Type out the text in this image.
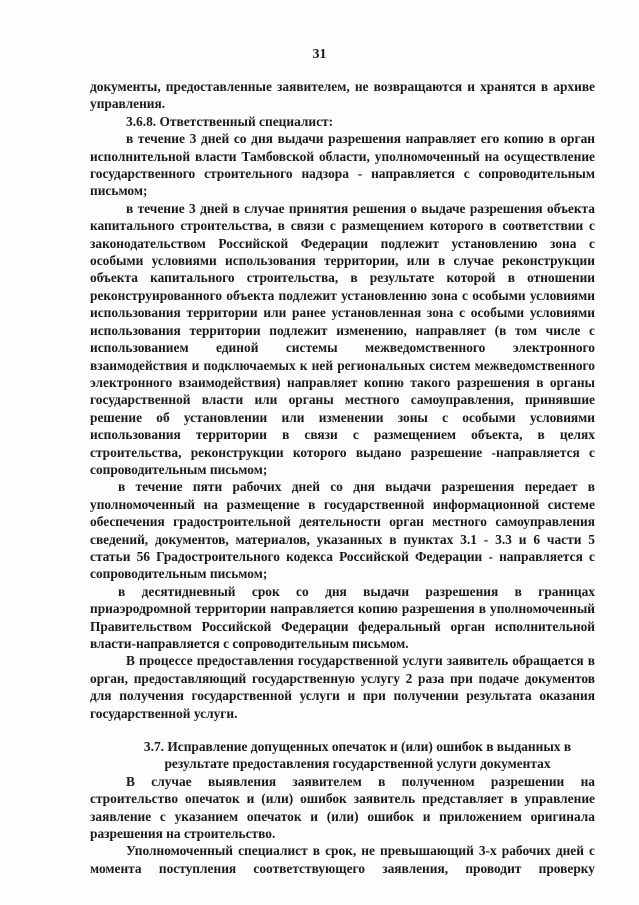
31

документы, предоставленные заявителем, не возвращаются и хранятся в архиве управления.

3.6.8. Ответственный специалист:

в течение 3 дней со дня выдачи разрешения направляет его копию в орган исполнительной власти Тамбовской области, уполномоченный на осуществление государственного строительного надзора - направляется с сопроводительным письмом;

в течение 3 дней в случае принятия решения о выдаче разрешения объекта капитального строительства, в связи с размещением которого в соответствии с законодательством Российской Федерации подлежит установлению зона с особыми условиями использования территории, или в случае реконструкции объекта капитального строительства, в результате которой в отношении реконструированного объекта подлежит установлению зона с особыми условиями использования территории или ранее установленная зона с особыми условиями использования территории подлежит изменению, направляет (в том числе с использованием единой системы межведомственного электронного взаимодействия и подключаемых к ней региональных систем межведомственного электронного взаимодействия) направляет копию такого разрешения в органы государственной власти или органы местного самоуправления, принявшие решение об установлении или изменении зоны с особыми условиями использования территории в связи с размещением объекта, в целях строительства, реконструкции которого выдано разрешение -направляется с сопроводительным письмом;

в течение пяти рабочих дней со дня выдачи разрешения передает в уполномоченный на размещение в государственной информационной системе обеспечения градостроительной деятельности орган местного самоуправления сведений, документов, материалов, указанных в пунктах 3.1 - 3.3 и 6 части 5 статьи 56 Градостроительного кодекса Российской Федерации - направляется с сопроводительным письмом;

в десятидневный срок со дня выдачи разрешения в границах приаэродромной территории направляется копию разрешения в уполномоченный Правительством Российской Федерации федеральный орган исполнительной власти-направляется с сопроводительным письмом.

В процессе предоставления государственной услуги заявитель обращается в орган, предоставляющий государственную услугу 2 раза при подаче документов для получения государственной услуги и при получении результата оказания государственной услуги.

3.7. Исправление допущенных опечаток и (или) ошибок в выданных в результате предоставления государственной услуги документах

В случае выявления заявителем в полученном разрешении на строительство опечаток и (или) ошибок заявитель представляет в управление заявление с указанием опечаток и (или) ошибок и приложением оригинала разрешения на строительство.

Уполномоченный специалист в срок, не превышающий 3-х рабочих дней с момента поступления соответствующего заявления, проводит проверку
